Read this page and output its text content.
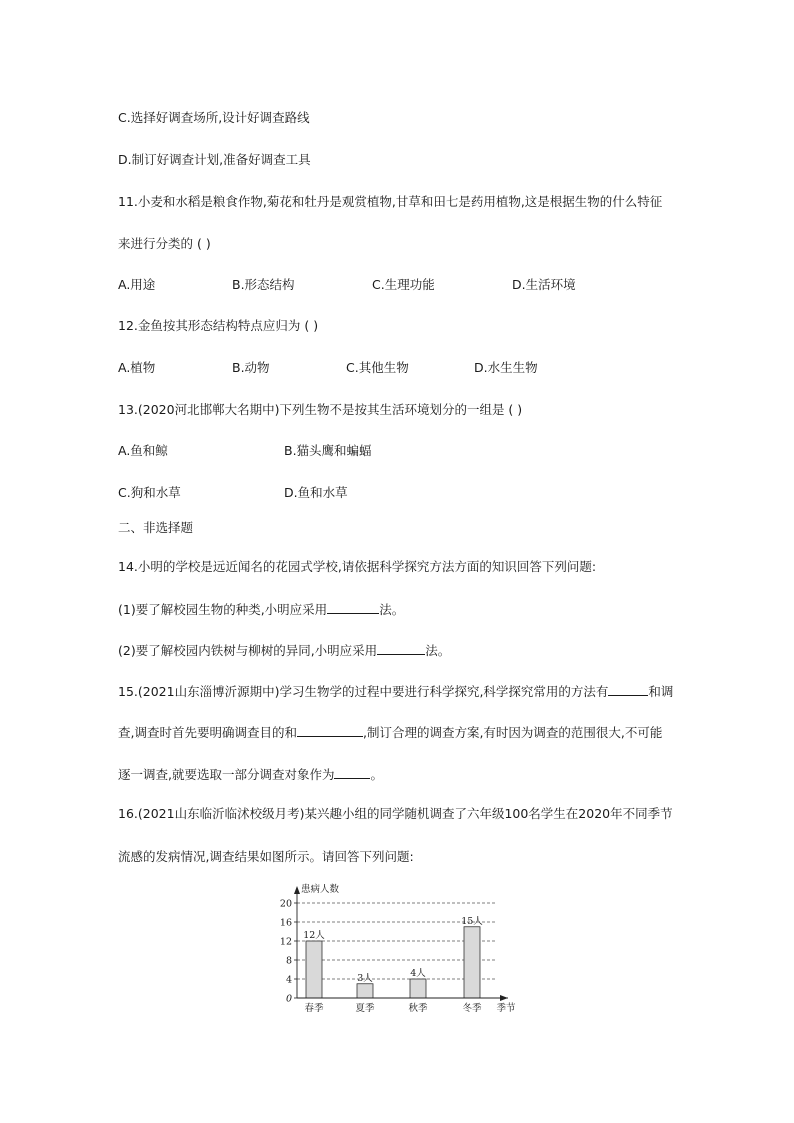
C.选择好调查场所,设计好调查路线
D.制订好调查计划,准备好调查工具
11.小麦和水稻是粮食作物,菊花和牡丹是观赏植物,甘草和田七是药用植物,这是根据生物的什么特征
来进行分类的 ( )
A.用途	B.形态结构	C.生理功能	D.生活环境
12.金鱼按其形态结构特点应归为 ( )
A.植物	B.动物	C.其他生物	D.水生生物
13.(2020河北邯郸大名期中)下列生物不是按其生活环境划分的一组是 ( )
A.鱼和鲸	B.猫头鹰和蝙蝠
C.狗和水草	D.鱼和水草
二、非选择题
14.小明的学校是远近闻名的花园式学校,请依据科学探究方法方面的知识回答下列问题:
(1)要了解校园生物的种类,小明应采用	法。
(2)要了解校园内铁树与柳树的异同,小明应采用	法。
15.(2021山东淄博沂源期中)学习生物学的过程中要进行科学探究,科学探究常用的方法有	和调
查,调查时首先要明确调查目的和	,制订合理的调查方案,有时因为调查的范围很大,不可能
逐一调查,就要选取一部分调查对象作为	。
16.(2021山东临沂临沭校级月考)某兴趣小组的同学随机调查了六年级100名学生在2020年不同季节
流感的发病情况,调查结果如图所示。请回答下列问题:
12人
3人	4人
15人
0
4
8
12
16
20
春季	夏季	秋季	冬季
患病人数
季节
